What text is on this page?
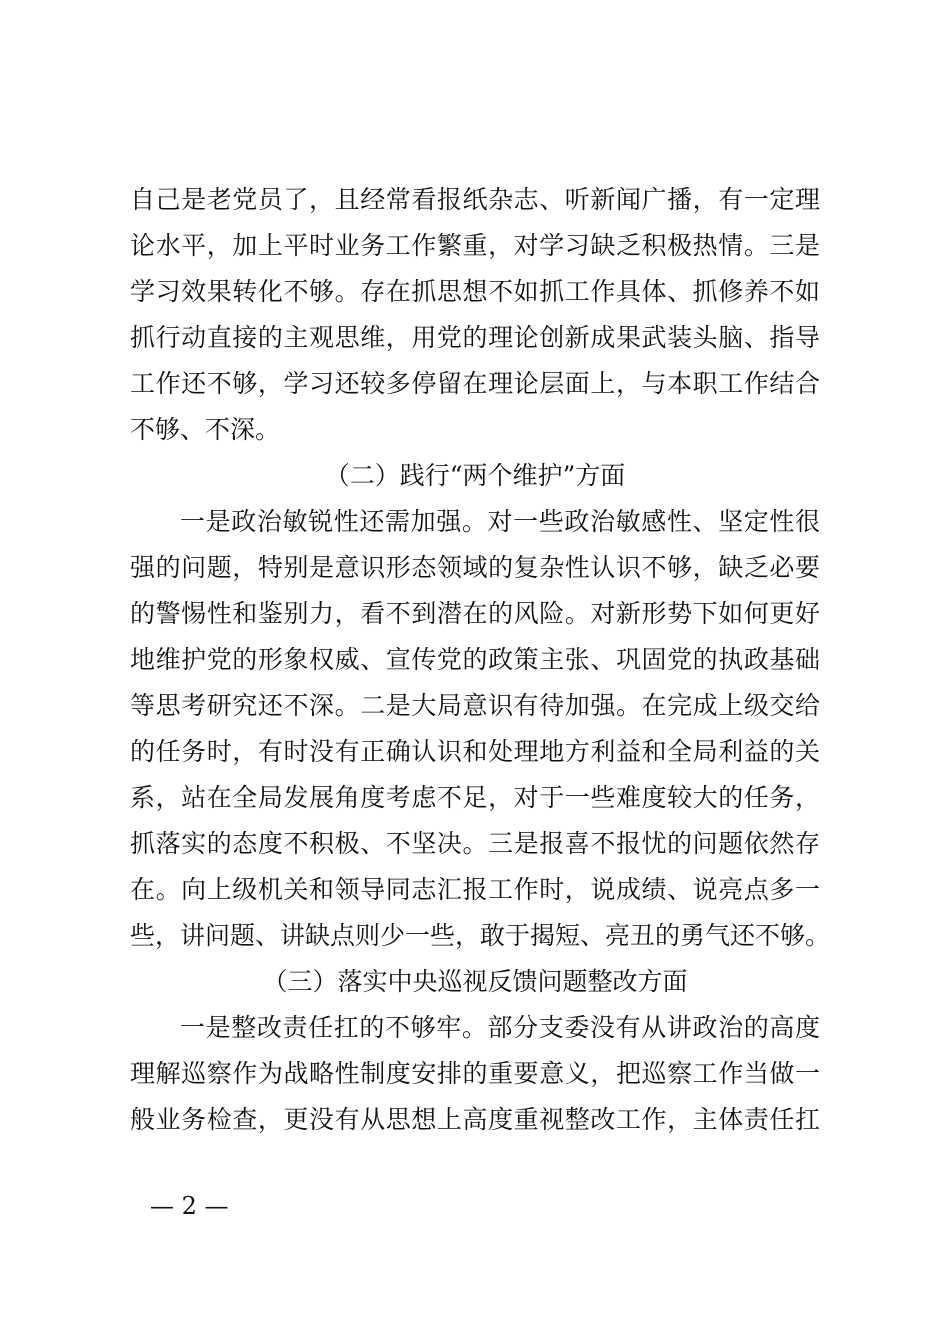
自己是老党员了，且经常看报纸杂志、听新闻广播，有一定理
论水平，加上平时业务工作繁重，对学习缺乏积极热情。三是
学习效果转化不够。存在抓思想不如抓工作具体、抓修养不如
抓行动直接的主观思维，用党的理论创新成果武装头脑、指导
工作还不够，学习还较多停留在理论层面上，与本职工作结合
不够、不深。
（二）践行“两个维护”方面
一是政治敏锐性还需加强。对一些政治敏感性、坚定性很
强的问题，特别是意识形态领域的复杂性认识不够，缺乏必要
的警惕性和鉴别力，看不到潜在的风险。对新形势下如何更好
地维护党的形象权威、宣传党的政策主张、巩固党的执政基础
等思考研究还不深。二是大局意识有待加强。在完成上级交给
的任务时，有时没有正确认识和处理地方利益和全局利益的关
系，站在全局发展角度考虑不足，对于一些难度较大的任务，
抓落实的态度不积极、不坚决。三是报喜不报忧的问题依然存
在。向上级机关和领导同志汇报工作时，说成绩、说亮点多一
些，讲问题、讲缺点则少一些，敢于揭短、亮丑的勇气还不够。
（三）落实中央巡视反馈问题整改方面
一是整改责任扛的不够牢。部分支委没有从讲政治的高度
理解巡察作为战略性制度安排的重要意义，把巡察工作当做一
般业务检查，更没有从思想上高度重视整改工作，主体责任扛
— 2 —
